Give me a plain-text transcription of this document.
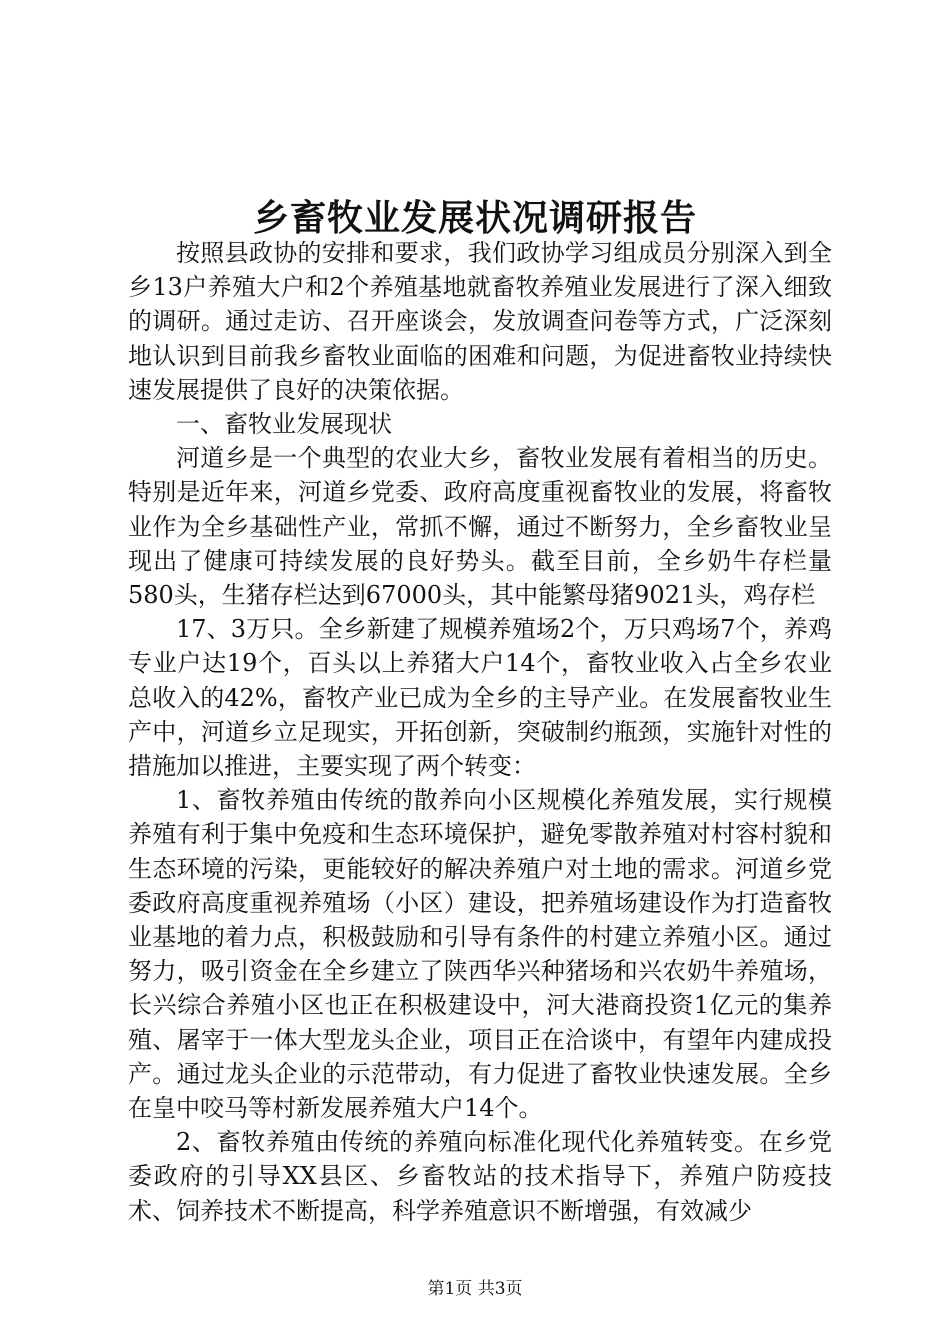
乡畜牧业发展状况调研报告

按照县政协的安排和要求，我们政协学习组成员分别深入到全乡13户养殖大户和2个养殖基地就畜牧养殖业发展进行了深入细致的调研。通过走访、召开座谈会，发放调查问卷等方式，广泛深刻地认识到目前我乡畜牧业面临的困难和问题，为促进畜牧业持续快速发展提供了良好的决策依据。

一、畜牧业发展现状

河道乡是一个典型的农业大乡，畜牧业发展有着相当的历史。特别是近年来，河道乡党委、政府高度重视畜牧业的发展，将畜牧业作为全乡基础性产业，常抓不懈，通过不断努力，全乡畜牧业呈现出了健康可持续发展的良好势头。截至目前，全乡奶牛存栏量580头，生猪存栏达到67000头，其中能繁母猪9021头，鸡存栏

17、3万只。全乡新建了规模养殖场2个，万只鸡场7个，养鸡专业户达19个，百头以上养猪大户14个，畜牧业收入占全乡农业总收入的42%，畜牧产业已成为全乡的主导产业。在发展畜牧业生产中，河道乡立足现实，开拓创新，突破制约瓶颈，实施针对性的措施加以推进，主要实现了两个转变：

1、畜牧养殖由传统的散养向小区规模化养殖发展，实行规模养殖有利于集中免疫和生态环境保护，避免零散养殖对村容村貌和生态环境的污染，更能较好的解决养殖户对土地的需求。河道乡党委政府高度重视养殖场（小区）建设，把养殖场建设作为打造畜牧业基地的着力点，积极鼓励和引导有条件的村建立养殖小区。通过努力，吸引资金在全乡建立了陕西华兴种猪场和兴农奶牛养殖场，长兴综合养殖小区也正在积极建设中，河大港商投资1亿元的集养殖、屠宰于一体大型龙头企业，项目正在洽谈中，有望年内建成投产。通过龙头企业的示范带动，有力促进了畜牧业快速发展。全乡在皇中咬马等村新发展养殖大户14个。

2、畜牧养殖由传统的养殖向标准化现代化养殖转变。在乡党委政府的引导XX县区、乡畜牧站的技术指导下，养殖户防疫技术、饲养技术不断提高，科学养殖意识不断增强，有效减少

第1页 共3页
